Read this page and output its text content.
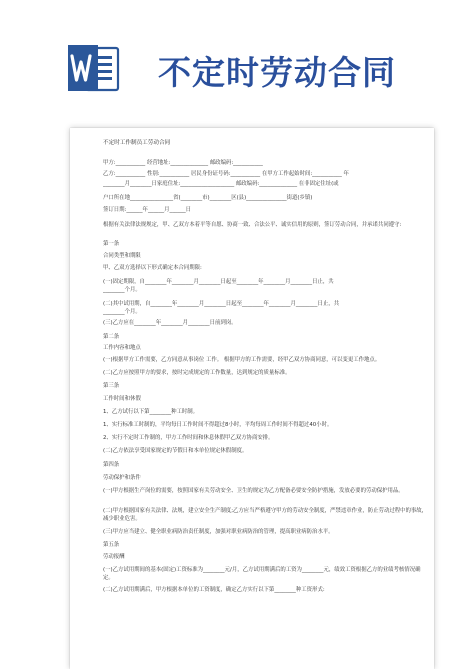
不定时劳动合同
不定时工作制员工劳动合同
甲方:___________ 经营地址:______________ 邮政编码:___________
乙方:___________ 性别:___________ 居民身份证号码:___________ 在甲方工作起始时间:___________ 年
________月________日家庭住址:____________________ 邮政编码:______________ 在非固定住址(或
户口所在地________________省(________市)________区(县)_______________街道(乡镇)
签订日期:______年______月______日
根据有关法律法规规定，甲、乙双方本着平等自愿、协商一致、合法公平、诚实信用的原则，签订劳动合同，并承诺共同遵守:
第一条
合同类型和期限
甲、乙双方选择以下形式确定本合同期限:
(一)固定期限，自________年________月________日起至________年________月________日止，共
________个月。
(二)其中试用期，自________年________月________日起至________年________月________日止，共
________个月。
(三)乙方应在________年________月________日前到岗。
第二条
工作内容和地点
(一)根据甲方工作需要，乙方同意从事岗位 工作。 根据甲方的工作需要，经甲乙双方协商同意，可以变更工作地点。
(二)乙方应按照甲方的要求，按时完成规定的工作数量，达到规定的质量标准。
第三条
工作时间和休假
1、乙方试行以下第________种工时制。
1、实行标准工时制的，平均每日工作时间不得超过8小时，平均每周工作时间不得超过40小时。
2、实行不定时工作制的，甲方工作时间和休息休假甲乙双方协商安排。
(二)乙方依法享受国家规定的节假日和本单位规定休假制度。
第四条
劳动保护和条件
(一)甲方根据生产岗位的需要，按照国家有关劳动安全、卫生的规定为乙方配备必要安全防护措施，发放必要的劳动保护用品。
(二)甲方根据国家有关法律、法规，建立安全生产制度;乙方应当严格遵守甲方的劳动安全制度，严禁违章作业，防止劳动过程中的事故，减少职业危害。
(三)甲方应当建立、健全职业病防治责任制度，加强对职业病防治的管理，提高职业病防治水平。
第五条
劳动报酬
(一)乙方试用期间的基本(固定)工资标准为________元/月，乙方试用期满后的工资为________元，绩效工资根据乙方的业绩考核情况确定。
(二)乙方试用期满后，甲方根据本单位的工资制度，确定乙方实行以下第________种工资形式:
